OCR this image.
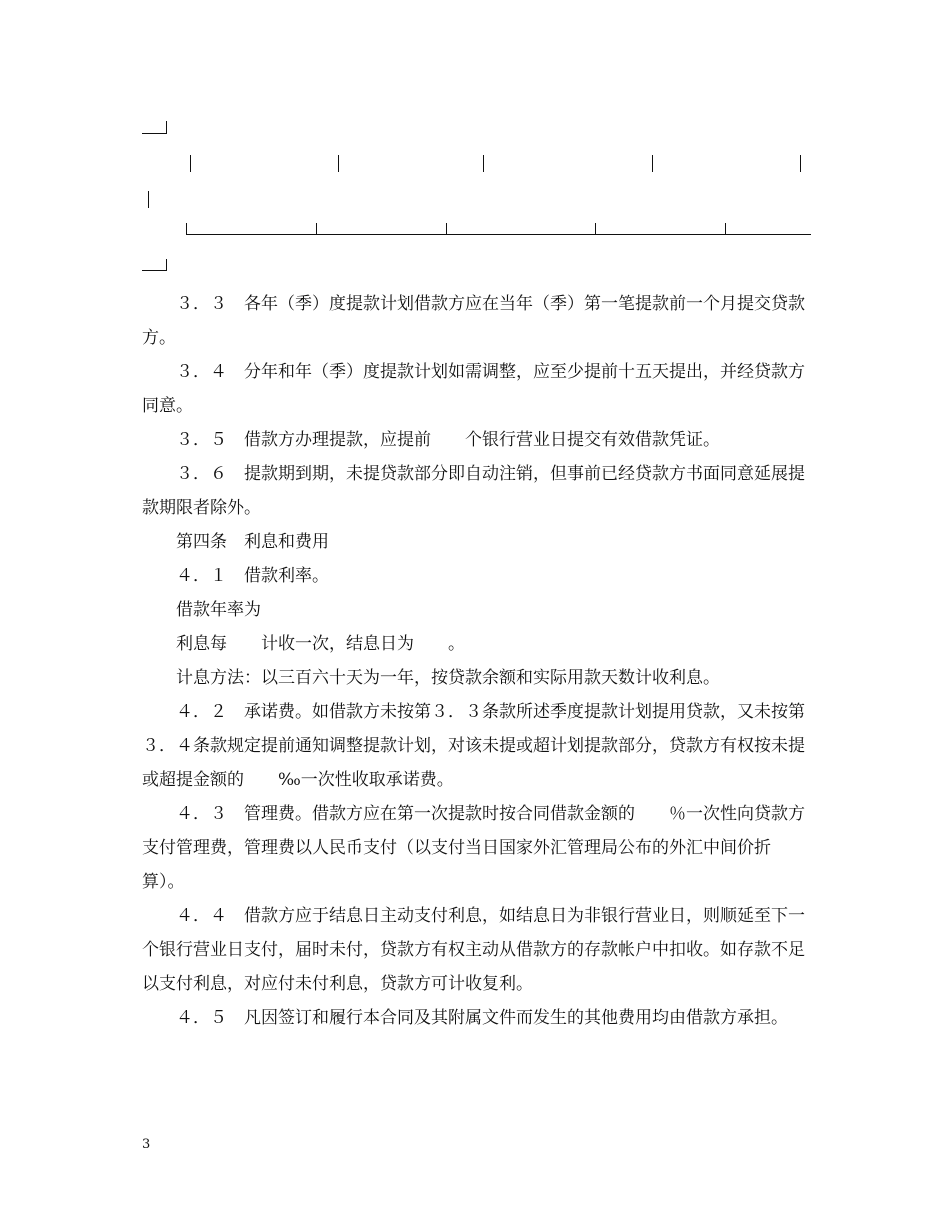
３．３　各年（季）度提款计划借款方应在当年（季）第一笔提款前一个月提交贷款方。

３．４　分年和年（季）度提款计划如需调整，应至少提前十五天提出，并经贷款方同意。

３．５　借款方办理提款，应提前　　个银行营业日提交有效借款凭证。

３．６　提款期到期，未提贷款部分即自动注销，但事前已经贷款方书面同意延展提款期限者除外。

第四条　利息和费用
４．１　借款利率。
借款年率为
利息每　　计收一次，结息日为　　。
计息方法：以三百六十天为一年，按贷款余额和实际用款天数计收利息。

４．２　承诺费。如借款方未按第３．３条款所述季度提款计划提用贷款，又未按第３．４条款规定提前通知调整提款计划，对该未提或超计划提款部分，贷款方有权按未提或超提金额的　　‰一次性收取承诺费。

４．３　管理费。借款方应在第一次提款时按合同借款金额的　　％一次性向贷款方支付管理费，管理费以人民币支付（以支付当日国家外汇管理局公布的外汇中间价折算）。

４．４　借款方应于结息日主动支付利息，如结息日为非银行营业日，则顺延至下一个银行营业日支付，届时未付，贷款方有权主动从借款方的存款帐户中扣收。如存款不足以支付利息，对应付未付利息，贷款方可计收复利。

４．５　凡因签订和履行本合同及其附属文件而发生的其他费用均由借款方承担。

3
